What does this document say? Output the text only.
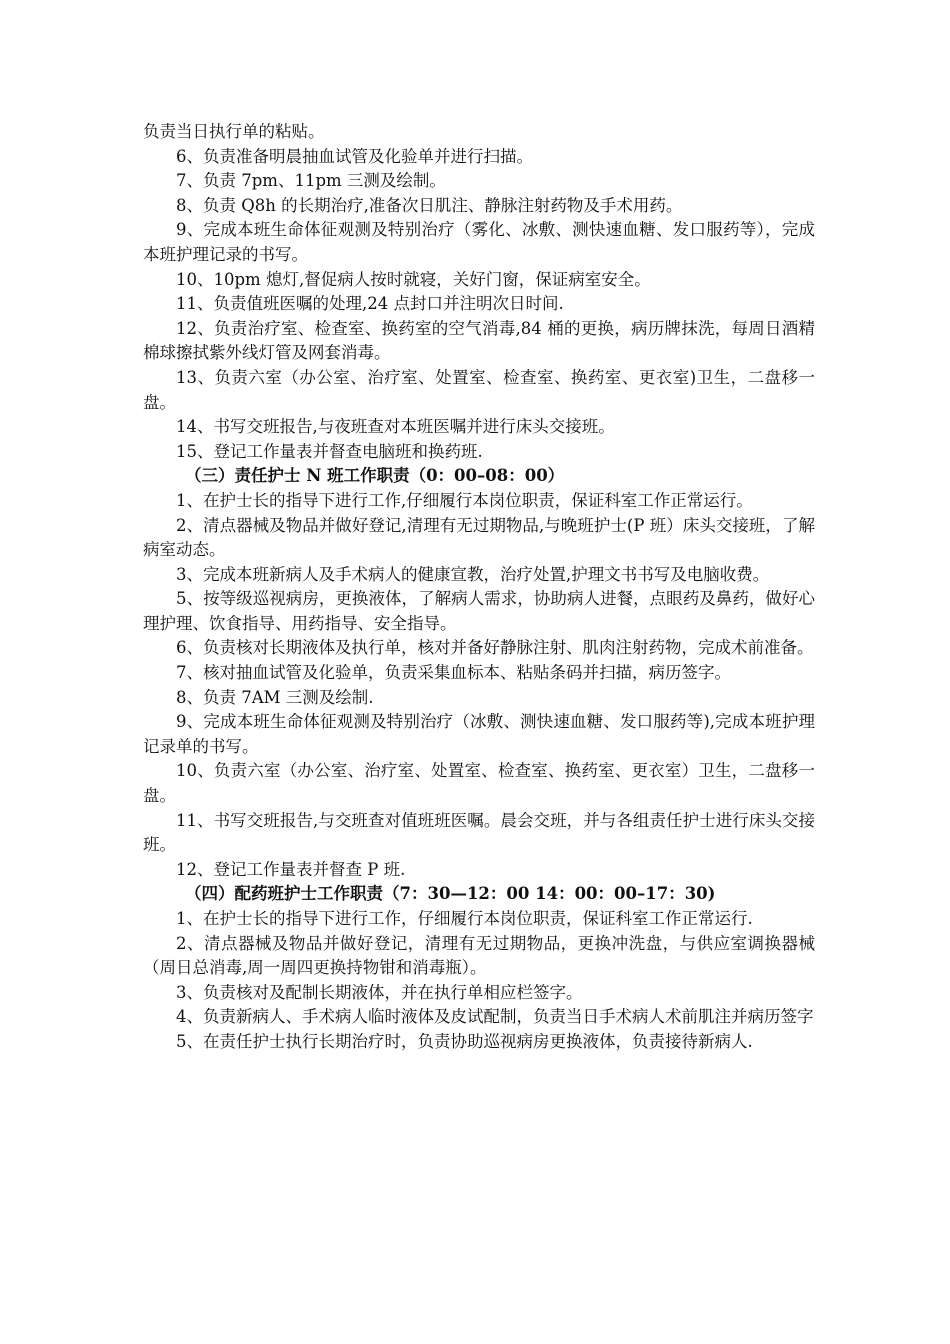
负责当日执行单的粘贴。

6、负责准备明晨抽血试管及化验单并进行扫描。

7、负责 7pm、11pm 三测及绘制。

8、负责 Q8h 的长期治疗,准备次日肌注、静脉注射药物及手术用药。

9、完成本班生命体征观测及特别治疗（雾化、冰敷、测快速血糖、发口服药等），完成本班护理记录的书写。

10、10pm 熄灯,督促病人按时就寝，关好门窗，保证病室安全。

11、负责值班医嘱的处理,24 点封口并注明次日时间.

12、负责治疗室、检查室、换药室的空气消毒,84 桶的更换，病历牌抹洗，每周日酒精棉球擦拭紫外线灯管及网套消毒。

13、负责六室（办公室、治疗室、处置室、检查室、换药室、更衣室)卫生，二盘移一盘。

14、书写交班报告,与夜班查对本班医嘱并进行床头交接班。

15、登记工作量表并督查电脑班和换药班.

（三）责任护士 N 班工作职责（0：00–08：00）

1、在护士长的指导下进行工作,仔细履行本岗位职责，保证科室工作正常运行。

2、清点器械及物品并做好登记,清理有无过期物品,与晚班护士(P 班）床头交接班，了解病室动态。

3、完成本班新病人及手术病人的健康宣教，治疗处置,护理文书书写及电脑收费。

5、按等级巡视病房，更换液体，了解病人需求，协助病人进餐，点眼药及鼻药，做好心理护理、饮食指导、用药指导、安全指导。

6、负责核对长期液体及执行单，核对并备好静脉注射、肌肉注射药物，完成术前准备。

7、核对抽血试管及化验单，负责采集血标本、粘贴条码并扫描，病历签字。

8、负责 7AM 三测及绘制.

9、完成本班生命体征观测及特别治疗（冰敷、测快速血糖、发口服药等),完成本班护理记录单的书写。

10、负责六室（办公室、治疗室、处置室、检查室、换药室、更衣室）卫生，二盘移一盘。

11、书写交班报告,与交班查对值班班医嘱。晨会交班，并与各组责任护士进行床头交接班。

12、登记工作量表并督查 P 班.

（四）配药班护士工作职责（7：30—12：00 14：00：00–17：30)

1、在护士长的指导下进行工作，仔细履行本岗位职责，保证科室工作正常运行.

2、清点器械及物品并做好登记，清理有无过期物品，更换冲洗盘，与供应室调换器械（周日总消毒,周一周四更换持物钳和消毒瓶）。

3、负责核对及配制长期液体，并在执行单相应栏签字。

4、负责新病人、手术病人临时液体及皮试配制，负责当日手术病人术前肌注并病历签字

5、在责任护士执行长期治疗时，负责协助巡视病房更换液体，负责接待新病人.
